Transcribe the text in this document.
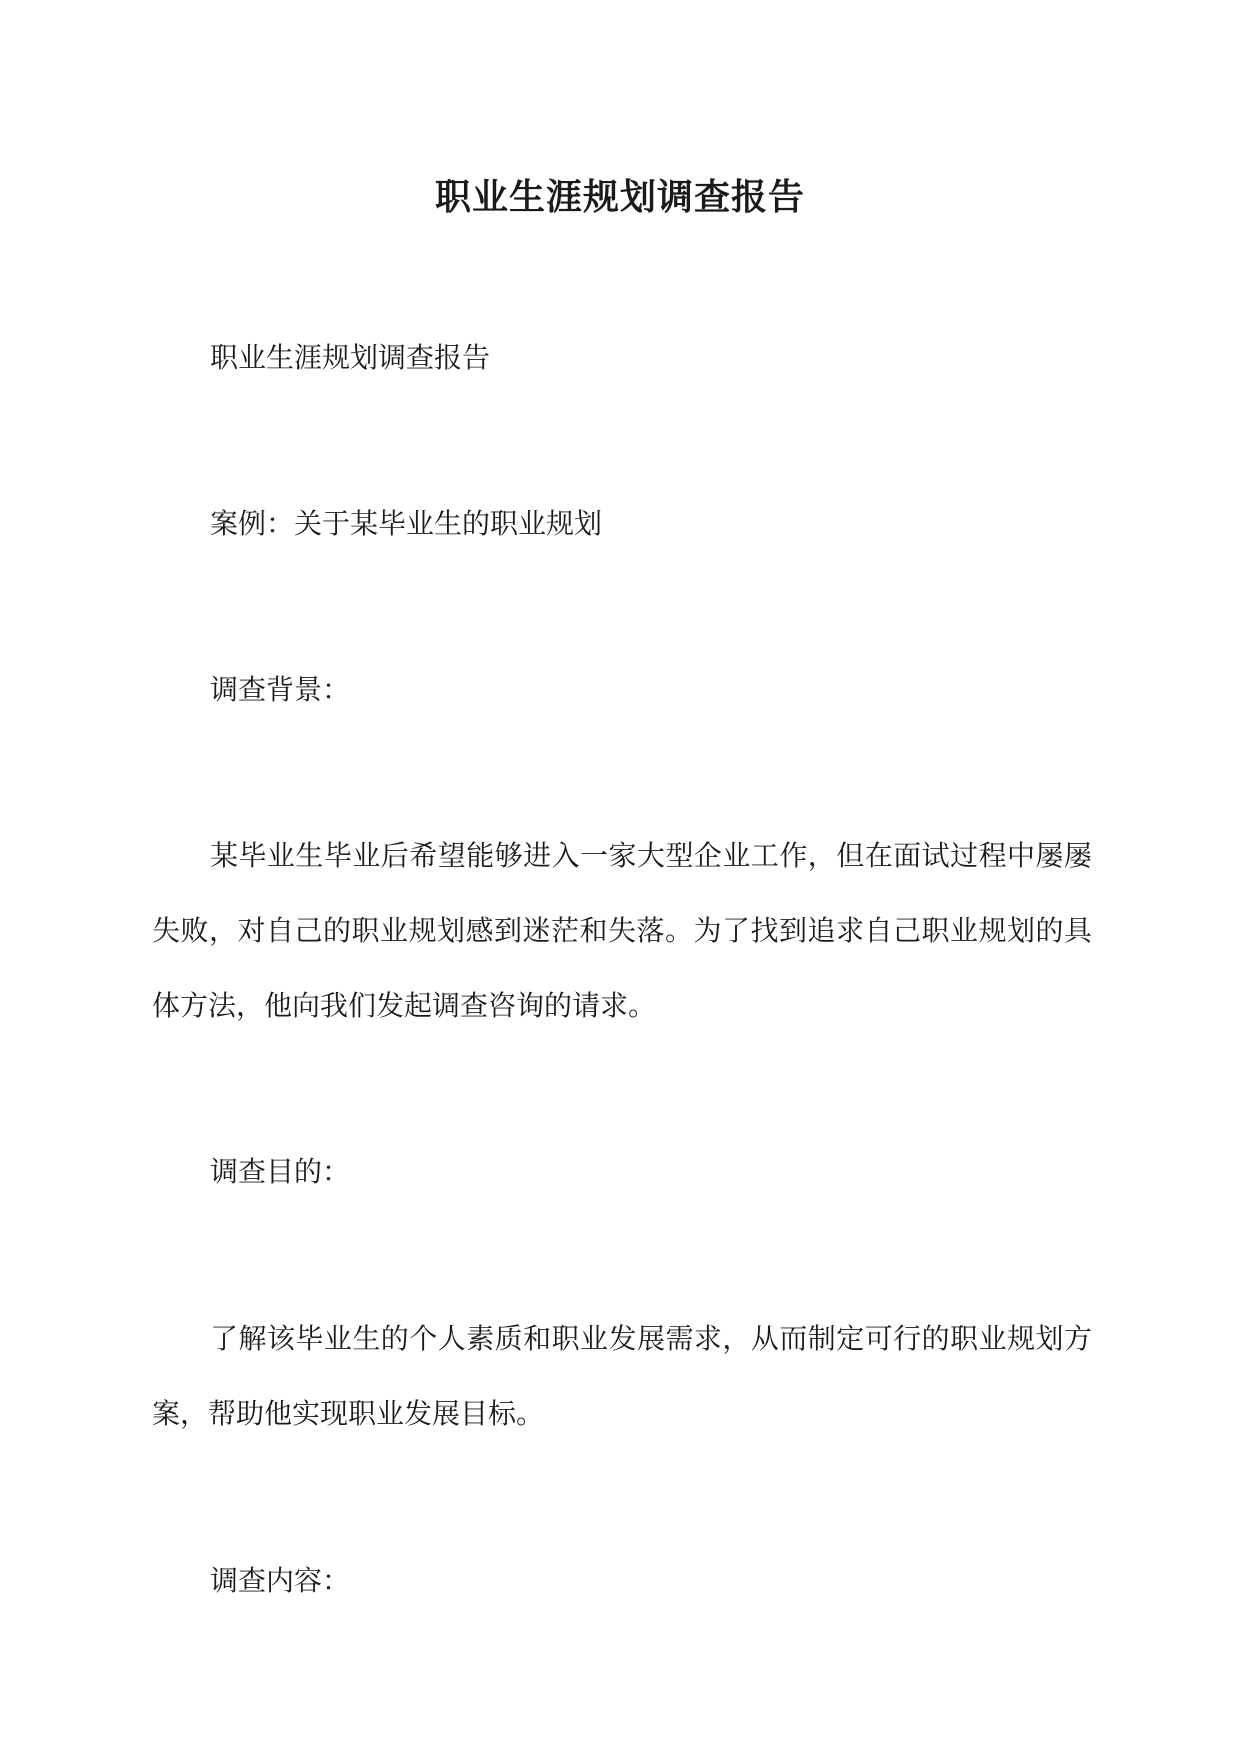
职业生涯规划调查报告

职业生涯规划调查报告

案例：关于某毕业生的职业规划

调查背景：

某毕业生毕业后希望能够进入一家大型企业工作，但在面试过程中屡屡失败，对自己的职业规划感到迷茫和失落。为了找到追求自己职业规划的具体方法，他向我们发起调查咨询的请求。

调查目的：

了解该毕业生的个人素质和职业发展需求，从而制定可行的职业规划方案，帮助他实现职业发展目标。

调查内容：
